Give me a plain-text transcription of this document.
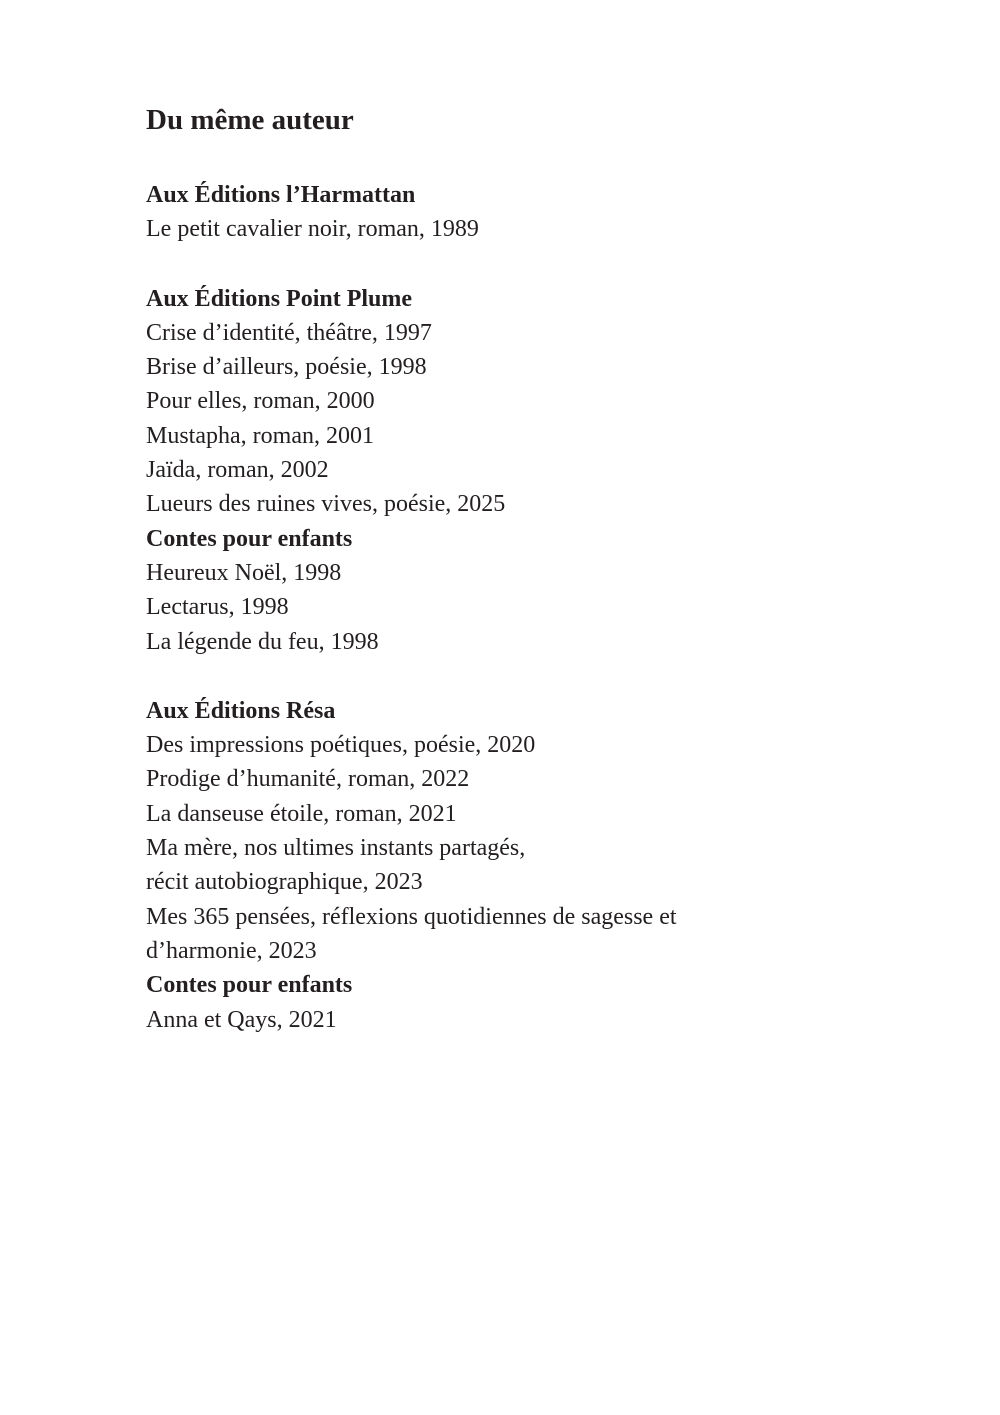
Du même auteur
Aux Éditions l’Harmattan
Le petit cavalier noir, roman, 1989
Aux Éditions Point Plume
Crise d’identité, théâtre, 1997
Brise d’ailleurs, poésie, 1998
Pour elles, roman, 2000
Mustapha, roman, 2001
Jaïda, roman, 2002
Lueurs des ruines vives, poésie, 2025
Contes pour enfants
Heureux Noël, 1998
Lectarus, 1998
La légende du feu, 1998
Aux Éditions Résa
Des impressions poétiques, poésie, 2020
Prodige d’humanité, roman, 2022
La danseuse étoile, roman, 2021
Ma mère, nos ultimes instants partagés,
récit autobiographique, 2023
Mes 365 pensées, réflexions quotidiennes de sagesse et
d’harmonie, 2023
Contes pour enfants
Anna et Qays, 2021
